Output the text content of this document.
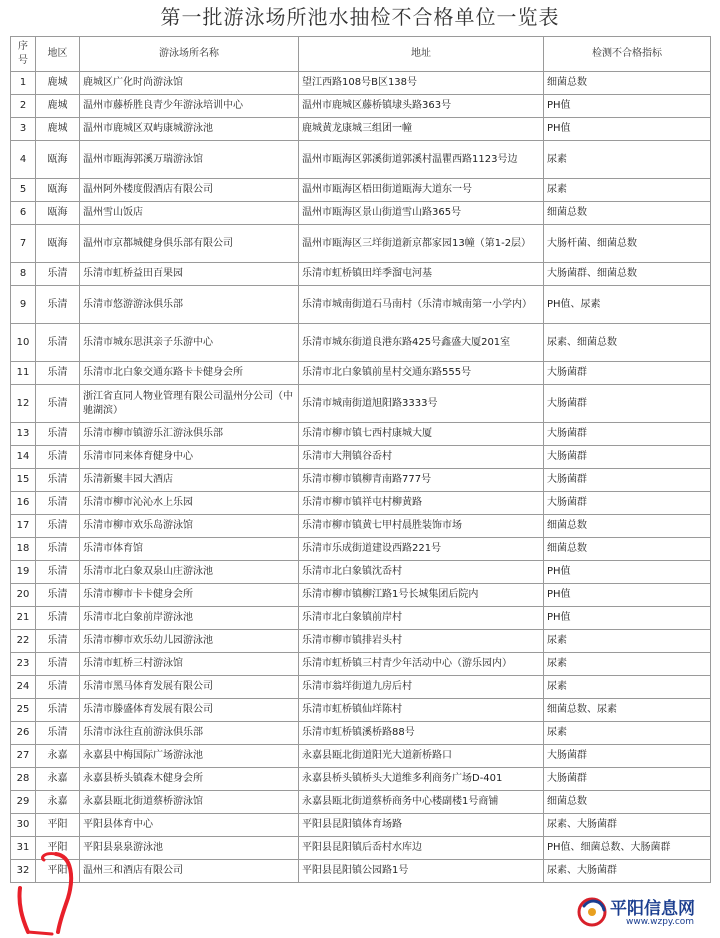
第一批游泳场所池水抽检不合格单位一览表
序号	地区	游泳场所名称	地址	检测不合格指标
1	鹿城	鹿城区广化时尚游泳馆	望江西路108号B区138号	细菌总数
2	鹿城	温州市藤桥胜良青少年游泳培训中心	温州市鹿城区藤桥镇埭头路363号	PH值
3	鹿城	温州市鹿城区双屿康城游泳池	鹿城黄龙康城三组团一幢	PH值
4	瓯海	温州市瓯海郭溪万瑞游泳馆	温州市瓯海区郭溪街道郭溪村温瞿西路1123号边	尿素
5	瓯海	温州阿外楼度假酒店有限公司	温州市瓯海区梧田街道瓯海大道东一号	尿素
6	瓯海	温州雪山饭店	温州市瓯海区景山街道雪山路365号	细菌总数
7	瓯海	温州市京都城健身俱乐部有限公司	温州市瓯海区三垟街道新京都家园13幢（第1-2层）	大肠杆菌、细菌总数
8	乐清	乐清市虹桥益田百果园	乐清市虹桥镇田垟季溜屯河基	大肠菌群、细菌总数
9	乐清	乐清市悠游游泳俱乐部	乐清市城南街道石马南村（乐清市城南第一小学内）	PH值、尿素
10	乐清	乐清市城东思淇亲子乐游中心	乐清市城东街道良港东路425号鑫盛大厦201室	尿素、细菌总数
11	乐清	乐清市北白象交通东路卡卡健身会所	乐清市北白象镇前星村交通东路555号	大肠菌群
12	乐清	浙江省直同人物业管理有限公司温州分公司（中驰湖滨）	乐清市城南街道旭阳路3333号	大肠菌群
13	乐清	乐清市柳市镇游乐汇游泳俱乐部	乐清市柳市镇七西村康城大厦	大肠菌群
14	乐清	乐清市同来体育健身中心	乐清市大荆镇谷岙村	大肠菌群
15	乐清	乐清新聚丰园大酒店	乐清市柳市镇柳青南路777号	大肠菌群
16	乐清	乐清市柳市沁沁水上乐园	乐清市柳市镇祥屯村柳黄路	大肠菌群
17	乐清	乐清市柳市欢乐岛游泳馆	乐清市柳市镇黄七甲村晨胜装饰市场	细菌总数
18	乐清	乐清市体育馆	乐清市乐成街道建设西路221号	细菌总数
19	乐清	乐清市北白象双泉山庄游泳池	乐清市北白象镇沈岙村	PH值
20	乐清	乐清市柳市卡卡健身会所	乐清市柳市镇柳江路1号长城集团后院内	PH值
21	乐清	乐清市北白象前岸游泳池	乐清市北白象镇前岸村	PH值
22	乐清	乐清市柳市欢乐幼儿园游泳池	乐清市柳市镇排岩头村	尿素
23	乐清	乐清市虹桥三村游泳馆	乐清市虹桥镇三村青少年活动中心（游乐园内）	尿素
24	乐清	乐清市黑马体育发展有限公司	乐清市翁垟街道九房后村	尿素
25	乐清	乐清市滕盛体育发展有限公司	乐清市虹桥镇仙垟陈村	细菌总数、尿素
26	乐清	乐清市泳往直前游泳俱乐部	乐清市虹桥镇溪桥路88号	尿素
27	永嘉	永嘉县中梅国际广场游泳池	永嘉县瓯北街道阳光大道新桥路口	大肠菌群
28	永嘉	永嘉县桥头镇森木健身会所	永嘉县桥头镇桥头大道维多利商务广场D-401	大肠菌群
29	永嘉	永嘉县瓯北街道蔡桥游泳馆	永嘉县瓯北街道蔡桥商务中心楼副楼1号商铺	细菌总数
30	平阳	平阳县体育中心	平阳县昆阳镇体育场路	尿素、大肠菌群
31	平阳	平阳县泉泉游泳池	平阳县昆阳镇后岙村水库边	PH值、细菌总数、大肠菌群
32	平阳	温州三和酒店有限公司	平阳县昆阳镇公园路1号	尿素、大肠菌群
平阳信息网
www.wzpy.com
